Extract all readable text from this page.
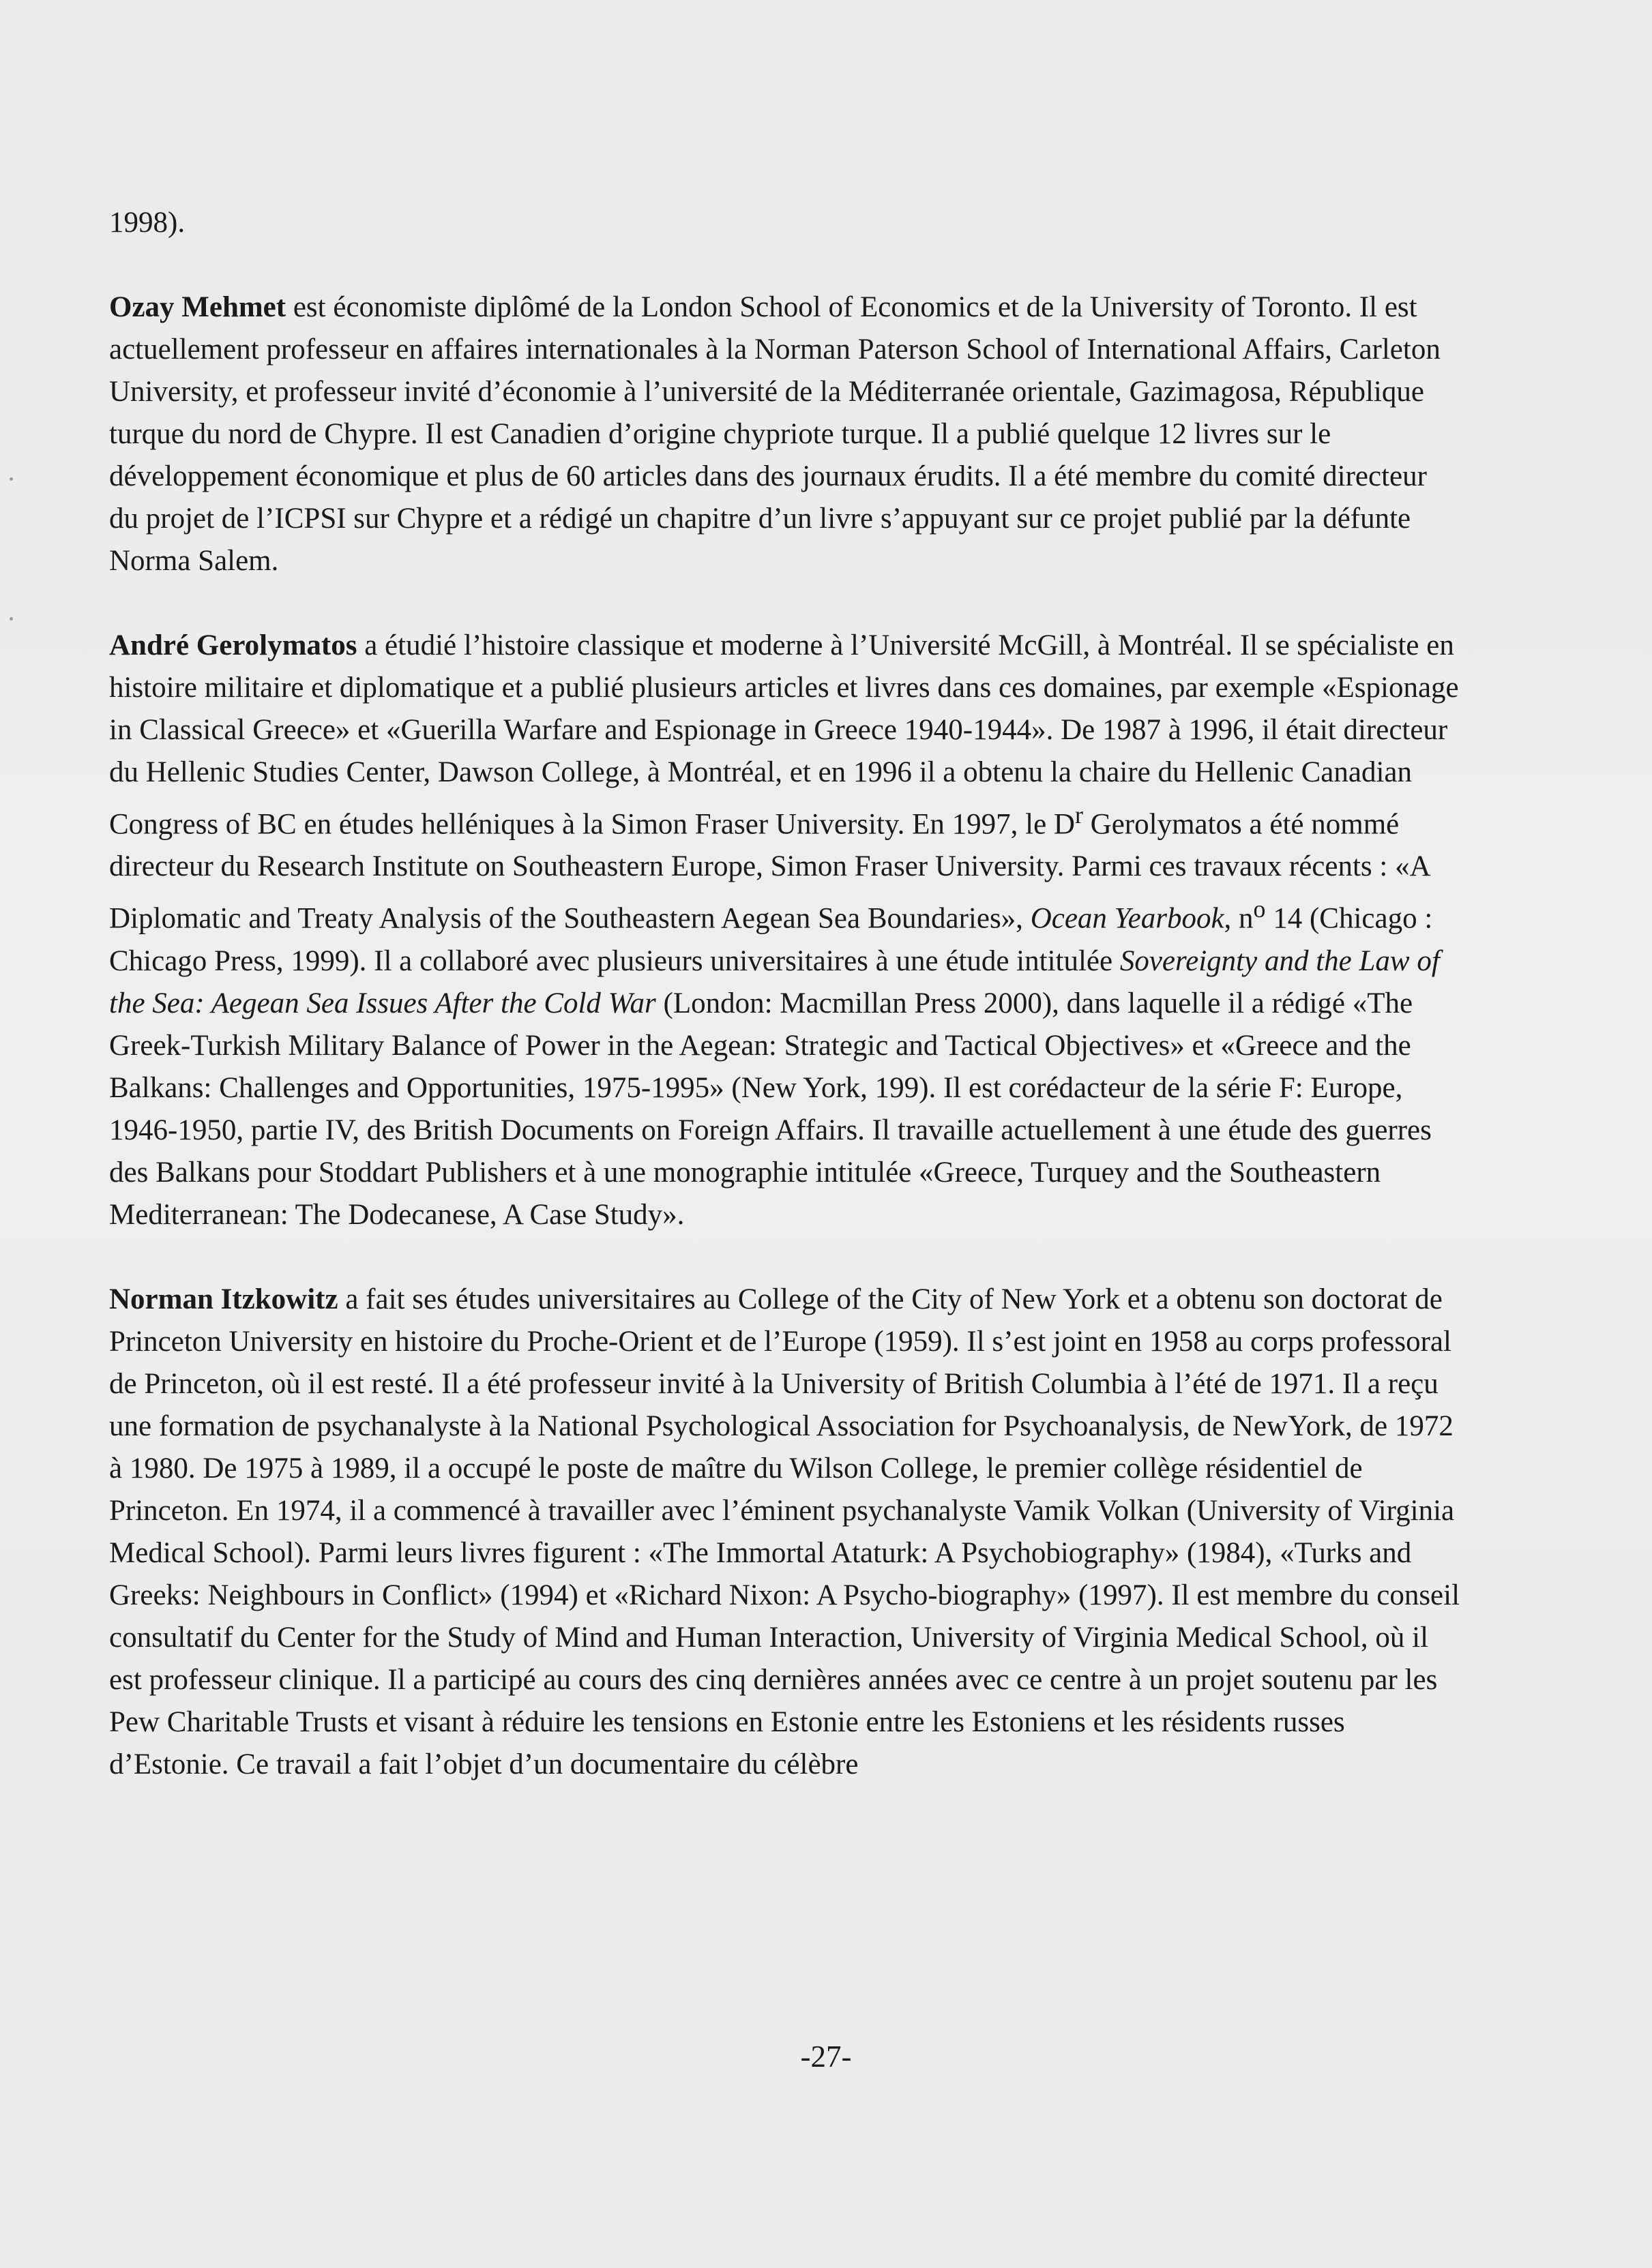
1998).

Ozay Mehmet est économiste diplômé de la London School of Economics et de la University of Toronto. Il est actuellement professeur en affaires internationales à la Norman Paterson School of International Affairs, Carleton University, et professeur invité d’économie à l’université de la Méditerranée orientale, Gazimagosa, République turque du nord de Chypre. Il est Canadien d’origine chypriote turque. Il a publié quelque 12 livres sur le développement économique et plus de 60 articles dans des journaux érudits. Il a été membre du comité directeur du projet de l’ICPSI sur Chypre et a rédigé un chapitre d’un livre s’appuyant sur ce projet publié par la défunte Norma Salem.

André Gerolymatos a étudié l’histoire classique et moderne à l’Université McGill, à Montréal. Il se spécialiste en histoire militaire et diplomatique et a publié plusieurs articles et livres dans ces domaines, par exemple «Espionage in Classical Greece» et «Guerilla Warfare and Espionage in Greece 1940-1944». De 1987 à 1996, il était directeur du Hellenic Studies Center, Dawson College, à Montréal, et en 1996 il a obtenu la chaire du Hellenic Canadian Congress of BC en études helléniques à la Simon Fraser University. En 1997, le $D^r$ Gerolymatos a été nommé directeur du Research Institute on Southeastern Europe, Simon Fraser University. Parmi ces travaux récents : «A Diplomatic and Treaty Analysis of the Southeastern Aegean Sea Boundaries», Ocean Yearbook, $n^o$ 14 (Chicago : Chicago Press, 1999). Il a collaboré avec plusieurs universitaires à une étude intitulée Sovereignty and the Law of the Sea: Aegean Sea Issues After the Cold War (London: Macmillan Press 2000), dans laquelle il a rédigé «The Greek-Turkish Military Balance of Power in the Aegean: Strategic and Tactical Objectives» et «Greece and the Balkans: Challenges and Opportunities, 1975-1995» (New York, 199). Il est corédacteur de la série F: Europe, 1946-1950, partie IV, des British Documents on Foreign Affairs. Il travaille actuellement à une étude des guerres des Balkans pour Stoddart Publishers et à une monographie intitulée «Greece, Turquey and the Southeastern Mediterranean: The Dodecanese, A Case Study».

Norman Itzkowitz a fait ses études universitaires au College of the City of New York et a obtenu son doctorat de Princeton University en histoire du Proche-Orient et de l’Europe (1959). Il s’est joint en 1958 au corps professoral de Princeton, où il est resté. Il a été professeur invité à la University of British Columbia à l’été de 1971. Il a reçu une formation de psychanalyste à la National Psychological Association for Psychoanalysis, de NewYork, de 1972 à 1980. De 1975 à 1989, il a occupé le poste de maître du Wilson College, le premier collège résidentiel de Princeton. En 1974, il a commencé à travailler avec l’éminent psychanalyste Vamik Volkan (University of Virginia Medical School). Parmi leurs livres figurent : «The Immortal Ataturk: A Psychobiography» (1984), «Turks and Greeks: Neighbours in Conflict» (1994) et «Richard Nixon: A Psycho-biography» (1997). Il est membre du conseil consultatif du Center for the Study of Mind and Human Interaction, University of Virginia Medical School, où il est professeur clinique. Il a participé au cours des cinq dernières années avec ce centre à un projet soutenu par les Pew Charitable Trusts et visant à réduire les tensions en Estonie entre les Estoniens et les résidents russes d’Estonie. Ce travail a fait l’objet d’un documentaire du célèbre

-27-
